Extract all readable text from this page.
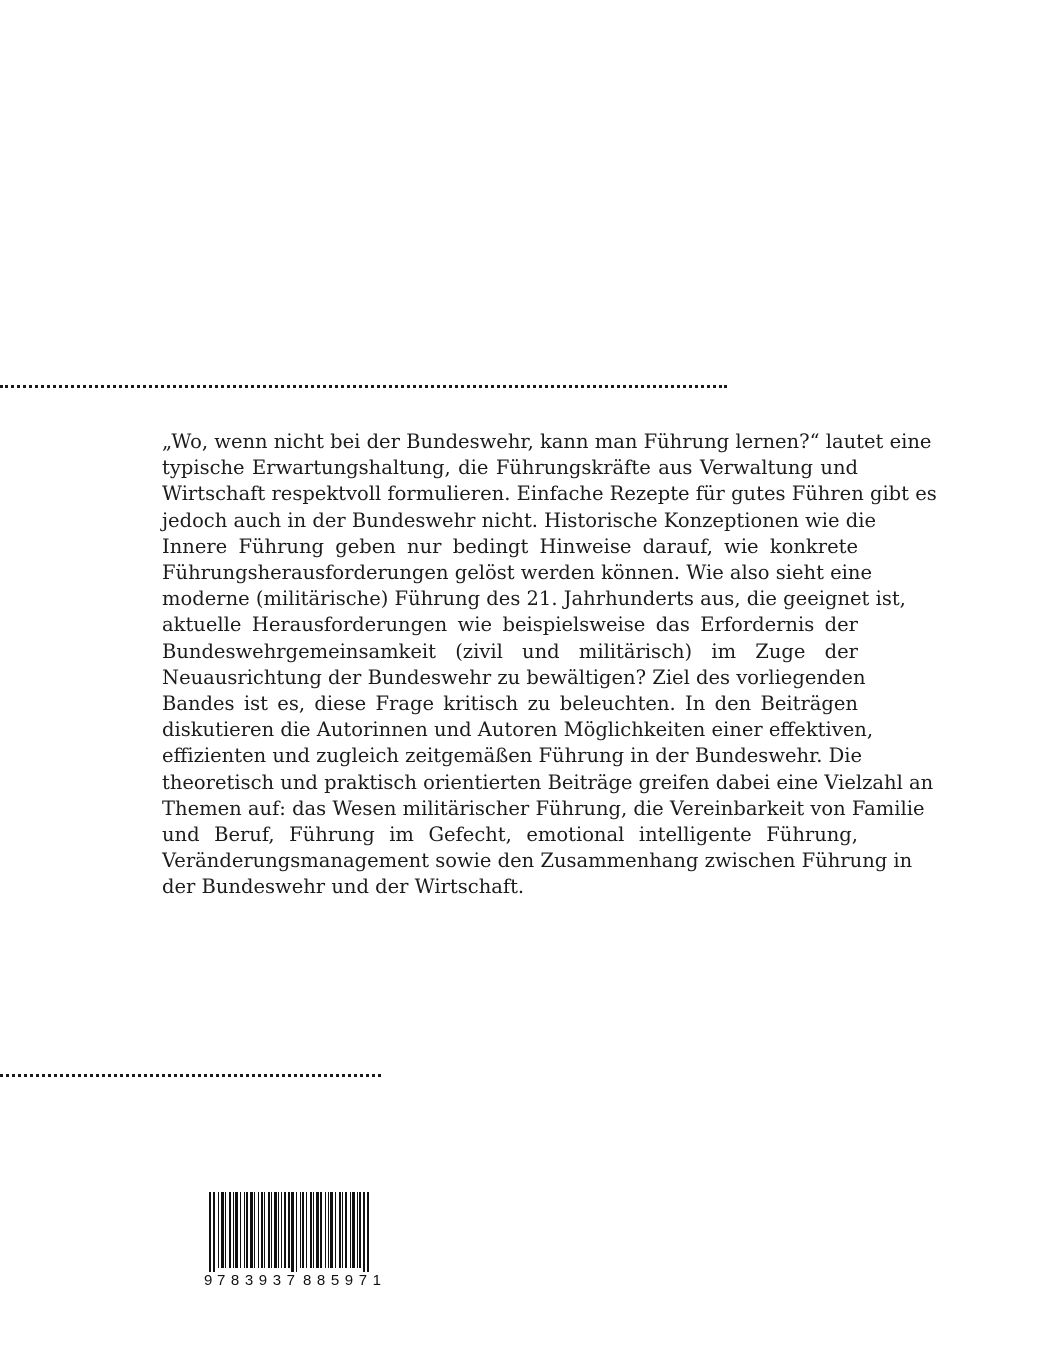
„Wo, wenn nicht bei der Bundeswehr, kann man Führung lernen?“ lautet eine
typische Erwartungshaltung, die Führungskräfte aus Verwaltung und
Wirtschaft respektvoll formulieren. Einfache Rezepte für gutes Führen gibt es
jedoch auch in der Bundeswehr nicht. Historische Konzeptionen wie die
Innere Führung geben nur bedingt Hinweise darauf, wie konkrete
Führungsherausforderungen gelöst werden können. Wie also sieht eine
moderne (militärische) Führung des 21. Jahrhunderts aus, die geeignet ist,
aktuelle Herausforderungen wie beispielsweise das Erfordernis der
Bundeswehrgemeinsamkeit (zivil und militärisch) im Zuge der
Neuausrichtung der Bundeswehr zu bewältigen? Ziel des vorliegenden
Bandes ist es, diese Frage kritisch zu beleuchten. In den Beiträgen
diskutieren die Autorinnen und Autoren Möglichkeiten einer effektiven,
effizienten und zugleich zeitgemäßen Führung in der Bundeswehr. Die
theoretisch und praktisch orientierten Beiträge greifen dabei eine Vielzahl an
Themen auf: das Wesen militärischer Führung, die Vereinbarkeit von Familie
und Beruf, Führung im Gefecht, emotional intelligente Führung,
Veränderungsmanagement sowie den Zusammenhang zwischen Führung in
der Bundeswehr und der Wirtschaft.
9 783937 885971
